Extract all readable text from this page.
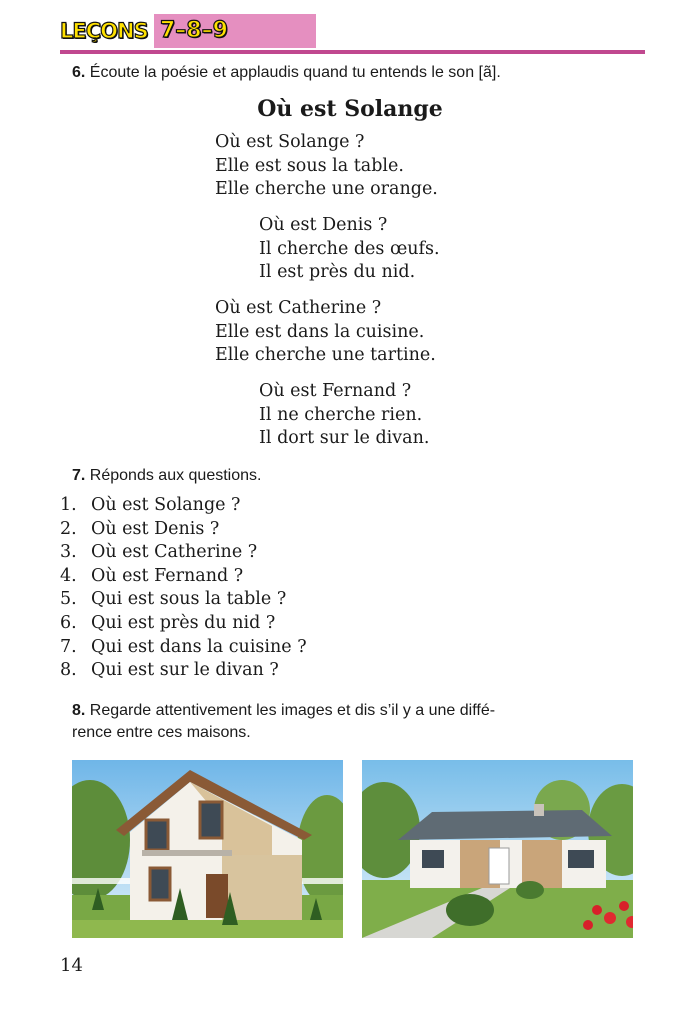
LEÇONS 7–8–9
6. Écoute la poésie et applaudis quand tu entends le son [ã].
Où est Solange
Où est Solange ?
Elle est sous la table.
Elle cherche une orange.
Où est Denis ?
Il cherche des œufs.
Il est près du nid.
Où est Catherine ?
Elle est dans la cuisine.
Elle cherche une tartine.
Où est Fernand ?
Il ne cherche rien.
Il dort sur le divan.
7. Réponds aux questions.
1. Où est Solange ?
2. Où est Denis ?
3. Où est Catherine ?
4. Où est Fernand ?
5. Qui est sous la table ?
6. Qui est près du nid ?
7. Qui est dans la cuisine ?
8. Qui est sur le divan ?
8. Regarde attentivement les images et dis s’il y a une diffé-
rence entre ces maisons.
14
